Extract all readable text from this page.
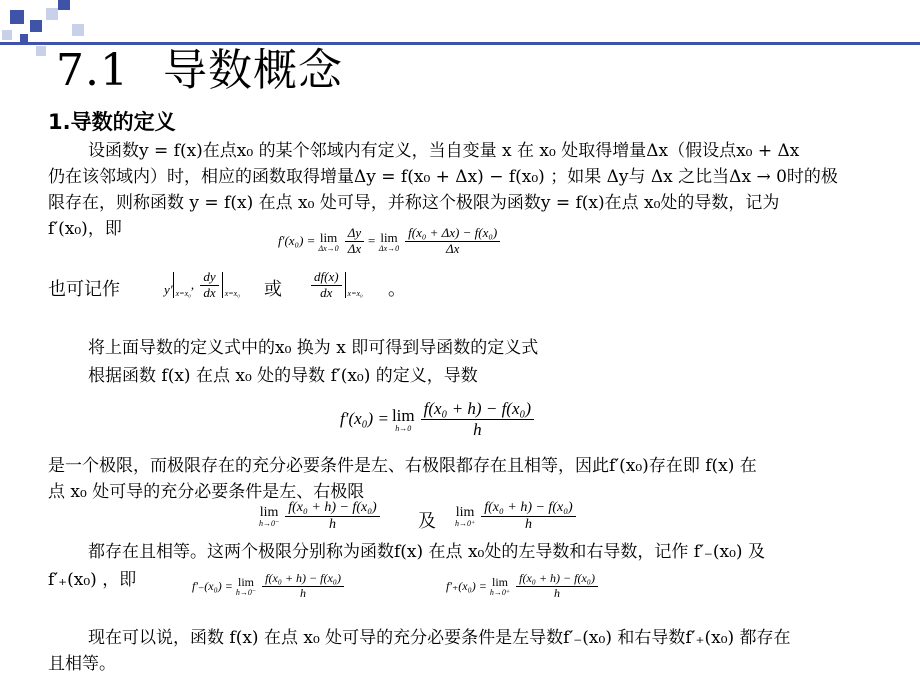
7.1 导数概念
1.导数的定义
设函数y = f(x)在点x₀ 的某个邻域内有定义，当自变量 x 在 x₀ 处取得增量Δx（假设点x₀ + Δx
仍在该邻域内）时，相应的函数取得增量Δy = f(x₀ + Δx) − f(x₀) ；如果 Δy与 Δx 之比当Δx → 0时的极
限存在，则称函数 y = f(x) 在点 x₀ 处可导，并称这个极限为函数y = f(x)在点 x₀处的导数，记为
f′(x₀)，即
f′(x₀) = lim
$\Delta x\to 0 \frac{\Delta y}{\Delta x} = \lim$
$\Delta x\to 0 \frac{\text{f(x₀ + Δx) − f(x₀)}}{\Delta x}$
也可记作	y′ x=x₀
, $\frac{dy}{dx} x=x_0$ 或 $\frac{df(x)}{dx} x=x_0$ 。
将上面导数的定义式中的x₀ 换为 x 即可得到导函数的定义式
根据函数 f(x) 在点 x₀ 处的导数 f′(x₀) 的定义，导数
f′(x₀) = lim
$h\to 0 \frac{\text{f(x₀ + h) − f(x₀)}}{h}$
是一个极限，而极限存在的充分必要条件是左、右极限都存在且相等，因此f′(x₀)存在即 f(x) 在
点 x₀ 处可导的充分必要条件是左、右极限
lim
$h\to 0^- \frac{\text{f(x₀ + h) − f(x₀)}}{h}$ 及 lim
$h\to 0^+ \frac{\text{f(x₀ + h) − f(x₀)}}{h}$
都存在且相等。这两个极限分别称为函数f(x) 在点 x₀处的左导数和右导数，记作 f′₋(x₀) 及
f′₊(x₀) ，即	f′₋(x₀) = lim
$h\to 0^- \frac{\text{f(x₀ + h) − f(x₀)}}{h}$	f′₊(x₀) = lim
$h\to 0^+ \frac{\text{f(x₀ + h) − f(x₀)}}{h}$
现在可以说，函数 f(x) 在点 x₀ 处可导的充分必要条件是左导数f′₋(x₀) 和右导数f′₊(x₀) 都存在
且相等。
